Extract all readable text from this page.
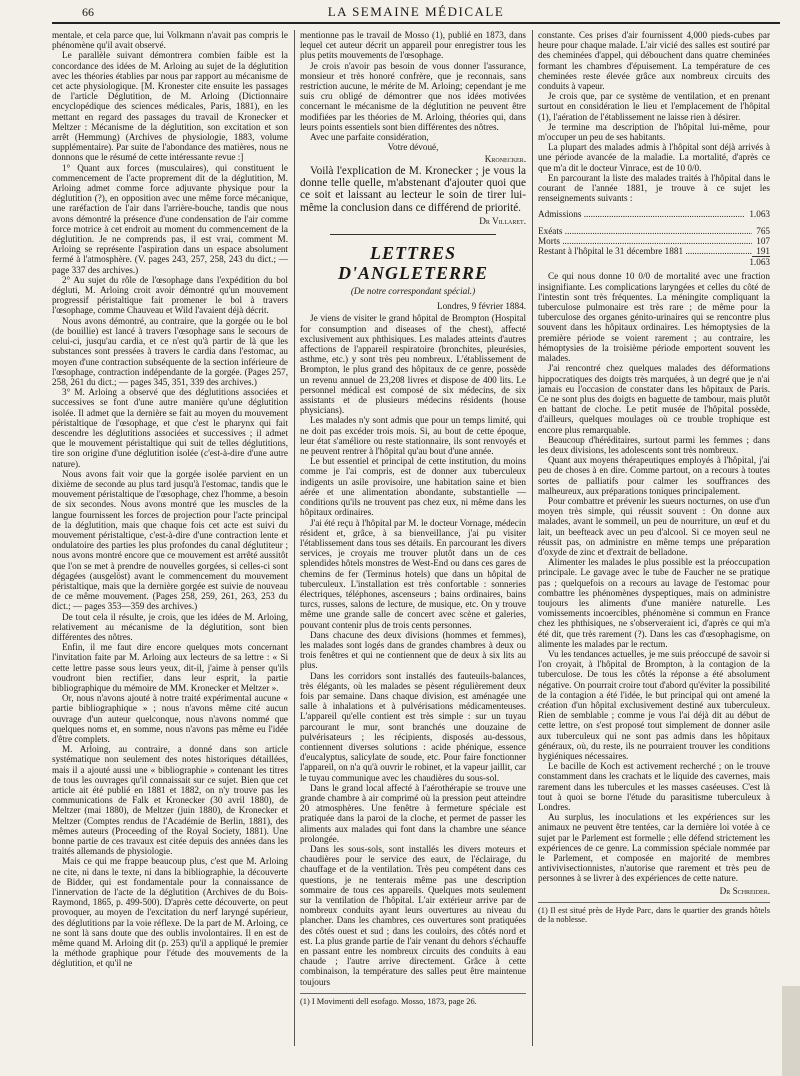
66	LA SEMAINE MÉDICALE

mentale, et cela parce que, lui Volkmann n'avait pas compris le phénomène qu'il avait observé.

Le parallèle suivant démontrera combien faible est la concordance des idées de M. Arloing au sujet de la déglutition avec les théories établies par nous par rapport au mécanisme de cet acte physiologique. [M. Kronester cite ensuite les passages de l'article Déglutition, de M. Arloing (Dictionnaire encyclopédique des sciences médicales, Paris, 1881), en les mettant en regard des passages du travail de Kronecker et Meltzer : Mécanisme de la déglutition, son excitation et son arrêt (Hemmung) (Archives de physiologie, 1883, volume supplémentaire). Par suite de l'abondance des matières, nous ne donnons que le résumé de cette intéressante revue :]

1° Quant aux forces (musculaires), qui constituent le commencement de l'acte proprement dit de la déglutition, M. Arloing admet comme force adjuvante physique pour la déglutition (?), en opposition avec une même force mécanique, une raréfaction de l'air dans l'arrière-bouche, tandis que nous avons démontré la présence d'une condensation de l'air comme force motrice à cet endroit au moment du commencement de la déglutition. Je ne comprends pas, il est vrai, comment M. Arloing se représente l'aspiration dans un espace absolument fermé à l'atmosphère. (V. pages 243, 257, 258, 243 du dict.; — page 337 des archives.)

2° Au sujet du rôle de l'œsophage dans l'expédition du bol dégluti, M. Arloing croit avoir démontré qu'un mouvement progressif péristaltique fait promener le bol à travers l'œsophage, comme Chauveau et Wild l'avaient déjà décrit.

Nous avons démontré, au contraire, que la gorgée ou le bol (de bouillie) est lancé à travers l'œsophage sans le secours de celui-ci, jusqu'au cardia, et ce n'est qu'à partir de là que les substances sont pressées à travers le cardia dans l'estomac, au moyen d'une contraction subséquente de la section inférieure de l'œsophage, contraction indépendante de la gorgée. (Pages 257, 258, 261 du dict.; — pages 345, 351, 339 des archives.)

3° M. Arloing a observé que des déglutitions associées et successives se font d'une autre manière qu'une déglutition isolée. Il admet que la dernière se fait au moyen du mouvement péristaltique de l'œsophage, et que c'est le pharynx qui fait descendre les déglutitions associées et successives ; il admet que le mouvement péristaltique qui suit de telles déglutitions, tire son origine d'une déglutition isolée (c'est-à-dire d'une autre nature).

Nous avons fait voir que la gorgée isolée parvient en un dixième de seconde au plus tard jusqu'à l'estomac, tandis que le mouvement péristaltique de l'œsophage, chez l'homme, a besoin de six secondes. Nous avons montré que les muscles de la langue fournissent les forces de projection pour l'acte principal de la déglutition, mais que chaque fois cet acte est suivi du mouvement péristaltique, c'est-à-dire d'une contraction lente et ondulatoire des parties les plus profondes du canal déglutiteur ; nous avons montré encore que ce mouvement est arrêté aussitôt que l'on se met à prendre de nouvelles gorgées, si celles-ci sont dégagées (ausgelöst) avant le commencement du mouvement péristaltique, mais que la dernière gorgée est suivie de nouveau de ce même mouvement. (Pages 258, 259, 261, 263, 253 du dict.; — pages 353—359 des archives.)

De tout cela il résulte, je crois, que les idées de M. Arloing, relativement au mécanisme de la déglutition, sont bien différentes des nôtres.

Enfin, il me faut dire encore quelques mots concernant l'invitation faite par M. Arloing aux lecteurs de sa lettre : « Si cette lettre passe sous leurs yeux, dit-il, j'aime à penser qu'ils voudront bien rectifier, dans leur esprit, la partie bibliographique du mémoire de MM. Kronecker et Meltzer ».

Or, nous n'avons ajouté à notre traité expérimental aucune « partie bibliographique » ; nous n'avons même cité aucun ouvrage d'un auteur quelconque, nous n'avons nommé que quelques noms et, en somme, nous n'avons pas même eu l'idée d'être complets.

M. Arloing, au contraire, a donné dans son article systématique non seulement des notes historiques détaillées, mais il a ajouté aussi une « bibliographie » contenant les titres de tous les ouvrages qu'il connaissait sur ce sujet. Bien que cet article ait été publié en 1881 et 1882, on n'y trouve pas les communications de Falk et Kronecker (30 avril 1880), de Meltzer (mai 1880), de Meltzer (juin 1880), de Kronecker et Meltzer (Comptes rendus de l'Académie de Berlin, 1881), des mêmes auteurs (Proceeding of the Royal Society, 1881). Une bonne partie de ces travaux est citée depuis des années dans les traités allemands de physiologie.

Mais ce qui me frappe beaucoup plus, c'est que M. Arloing ne cite, ni dans le texte, ni dans la bibliographie, la découverte de Bidder, qui est fondamentale pour la connaissance de l'innervation de l'acte de la déglutition (Archives de du Bois-Raymond, 1865, p. 499-500). D'après cette découverte, on peut provoquer, au moyen de l'excitation du nerf laryngé supérieur, des déglutitions par la voie réflexe. De la part de M. Arloing, ce ne sont là sans doute que des oublis involontaires. Il en est de même quand M. Arloing dit (p. 253) qu'il a appliqué le premier la méthode graphique pour l'étude des mouvements de la déglutition, et qu'il ne

mentionne pas le travail de Mosso (1), publié en 1873, dans lequel cet auteur décrit un appareil pour enregistrer tous les plus petits mouvements de l'œsophage.

Je crois n'avoir pas besoin de vous donner l'assurance, monsieur et très honoré confrère, que je reconnais, sans restriction aucune, le mérite de M. Arloing; cependant je me suis cru obligé de démontrer que nos idées motivées concernant le mécanisme de la déglutition ne peuvent être modifiées par les théories de M. Arloing, théories qui, dans leurs points essentiels sont bien différentes des nôtres.

Avec une parfaite considération,

Votre dévoué,

Kronecker.

Voilà l'explication de M. Kronecker ; je vous la donne telle quelle, m'abstenant d'ajouter quoi que ce soit et laissant au lecteur le soin de tirer lui-même la conclusion dans ce différend de priorité.

Dr Villaret.
LETTRES D'ANGLETERRE
(De notre correspondant spécial.)
Londres, 9 février 1884.

Je viens de visiter le grand hôpital de Brompton (Hospital for consumption and diseases of the chest), affecté exclusivement aux phthisiques. Les malades atteints d'autres affections de l'appareil respiratoire (bronchites, pleurésies, asthme, etc.) y sont très peu nombreux. L'établissement de Brompton, le plus grand des hôpitaux de ce genre, possède un revenu annuel de 23,208 livres et dispose de 400 lits. Le personnel médical est composé de six médecins, de six assistants et de plusieurs médecins résidents (house physicians).

Les malades n'y sont admis que pour un temps limité, qui ne doit pas excéder trois mois. Si, au bout de cette époque, leur état s'améliore ou reste stationnaire, ils sont renvoyés et ne peuvent rentrer à l'hôpital qu'au bout d'une année.

Le but essentiel et principal de cette institution, du moins comme je l'ai compris, est de donner aux tuberculeux indigents un asile provisoire, une habitation saine et bien aérée et une alimentation abondante, substantielle — conditions qu'ils ne trouvent pas chez eux, ni même dans les hôpitaux ordinaires.

J'ai été reçu à l'hôpital par M. le docteur Vornage, médecin résident et, grâce, à sa bienveillance, j'ai pu visiter l'établissement dans tous ses détails. En parcourant les divers services, je croyais me trouver plutôt dans un de ces splendides hôtels monstres de West-End ou dans ces gares de chemins de fer (Terminus hotels) que dans un hôpital de tuberculeux. L'installation est très confortable : sonneries électriques, téléphones, ascenseurs ; bains ordinaires, bains turcs, russes, salons de lecture, de musique, etc. On y trouve même une grande salle de concert avec scène et galeries, pouvant contenir plus de trois cents personnes.

Dans chacune des deux divisions (hommes et femmes), les malades sont logés dans de grandes chambres à deux ou trois fenêtres et qui ne contiennent que de deux à six lits au plus.

Dans les corridors sont installés des fauteuils-balances, très élégants, où les malades se pèsent régulièrement deux fois par semaine. Dans chaque division, est aménagée une salle à inhalations et à pulvérisations médicamenteuses. L'appareil qu'elle contient est très simple : sur un tuyau parcourant le mur, sont branchés une douzaine de pulvérisateurs ; les récipients, disposés au-dessous, contiennent diverses solutions : acide phénique, essence d'eucalyptus, salicylate de soude, etc. Pour faire fonctionner l'appareil, on n'a qu'à ouvrir le robinet, et la vapeur jaillit, car le tuyau communique avec les chaudières du sous-sol.

Dans le grand local affecté à l'aérothérapie se trouve une grande chambre à air comprimé où la pression peut atteindre 20 atmosphères. Une fenêtre à fermeture spéciale est pratiquée dans la paroi de la cloche, et permet de passer les aliments aux malades qui font dans la chambre une séance prolongée.

Dans les sous-sols, sont installés les divers moteurs et chaudières pour le service des eaux, de l'éclairage, du chauffage et de la ventilation. Très peu compétent dans ces questions, je ne tenterais même pas une description sommaire de tous ces appareils. Quelques mots seulement sur la ventilation de l'hôpital. L'air extérieur arrive par de nombreux conduits ayant leurs ouvertures au niveau du plancher. Dans les chambres, ces ouvertures sont pratiquées des côtés ouest et sud ; dans les couloirs, des côtés nord et est. La plus grande partie de l'air venant du dehors s'échauffe en passant entre les nombreux circuits des conduits à eau chaude ; l'autre arrive directement. Grâce à cette combinaison, la température des salles peut être maintenue toujours

(1) I Movimenti dell esofago. Mosso, 1873, page 26.

constante. Ces prises d'air fournissent 4,000 pieds-cubes par heure pour chaque malade. L'air vicié des salles est soutiré par des cheminées d'appel, qui débouchent dans quatre cheminées formant les chambres d'épuisement. La température de ces cheminées reste élevée grâce aux nombreux circuits des conduits à vapeur.

Je crois que, par ce système de ventilation, et en prenant surtout en considération le lieu et l'emplacement de l'hôpital (1), l'aération de l'établissement ne laisse rien à désirer.

Je termine ma description de l'hôpital lui-même, pour m'occuper un peu de ses habitants.

La plupart des malades admis à l'hôpital sont déjà arrivés à une période avancée de la maladie. La mortalité, d'après ce que m'a dit le docteur Vinrace, est de 10 0/0.

En parcourant la liste des malades traités à l'hôpital dans le courant de l'année 1881, je trouve à ce sujet les renseignements suivants :

Admissions .....	1.063
Exéats .....	765
Morts .....	107
Restant à l'hôpital le 31 décembre 1881 .....	191
1.063

Ce qui nous donne 10 0/0 de mortalité avec une fraction insignifiante. Les complications laryngées et celles du côté de l'intestin sont très fréquentes. La méningite compliquant la tuberculose pulmonaire est très rare ; de même pour la tuberculose des organes génito-urinaires qui se rencontre plus souvent dans les hôpitaux ordinaires. Les hémoptysies de la première période se voient rarement ; au contraire, les hémoptysies de la troisième période emportent souvent les malades.

J'ai rencontré chez quelques malades des déformations hippocratiques des doigts très marquées, à un degré que je n'ai jamais eu l'occasion de constater dans les hôpitaux de Paris. Ce ne sont plus des doigts en baguette de tambour, mais plutôt en battant de cloche. Le petit musée de l'hôpital possède, d'ailleurs, quelques moulages où ce trouble trophique est encore plus remarquable.

Beaucoup d'héréditaires, surtout parmi les femmes ; dans les deux divisions, les adolescents sont très nombreux.

Quant aux moyens thérapeutiques employés à l'hôpital, j'ai peu de choses à en dire. Comme partout, on a recours à toutes sortes de palliatifs pour calmer les souffrances des malheureux, aux préparations toniques principalement.

Pour combattre et prévenir les sueurs nocturnes, on use d'un moyen très simple, qui réussit souvent : On donne aux malades, avant le sommeil, un peu de nourriture, un œuf et du lait, un beefteack avec un peu d'alcool. Si ce moyen seul ne réussit pas, on administre en même temps une préparation d'oxyde de zinc et d'extrait de belladone.

Alimenter les malades le plus possible est la préoccupation principale. Le gavage avec le tube de Faucher ne se pratique pas ; quelquefois on a recours au lavage de l'estomac pour combattre les phénomènes dyspeptiques, mais on administre toujours les aliments d'une manière naturelle. Les vomissements incoercibles, phénomène si commun en France chez les phthisiques, ne s'observeraient ici, d'après ce qui m'a été dit, que très rarement (?). Dans les cas d'œsophagisme, on alimente les malades par le rectum.

Vu les tendances actuelles, je me suis préoccupé de savoir si l'on croyait, à l'hôpital de Brompton, à la contagion de la tuberculose. De tous les côtés la réponse a été absolument négative. On pourrait croire tout d'abord qu'éviter la possibilité de la contagion a été l'idée, le but principal qui ont amené la création d'un hôpital exclusivement destiné aux tuberculeux. Rien de semblable ; comme je vous l'ai déjà dit au début de cette lettre, on s'est proposé tout simplement de donner asile aux tuberculeux qui ne sont pas admis dans les hôpitaux généraux, où, du reste, ils ne pourraient trouver les conditions hygiéniques nécessaires.

Le bacille de Koch est activement recherché ; on le trouve constamment dans les crachats et le liquide des cavernes, mais rarement dans les tubercules et les masses caséeuses. C'est là tout à quoi se borne l'étude du parasitisme tuberculeux à Londres.

Au surplus, les inoculations et les expériences sur les animaux ne peuvent être tentées, car la dernière loi votée à ce sujet par le Parlement est formelle ; elle défend strictement les expériences de ce genre. La commission spéciale nommée par le Parlement, et composée en majorité de membres antivivisectionnistes, n'autorise que rarement et très peu de personnes à se livrer à des expériences de cette nature.

Dr Schreider.

(1) Il est situé près de Hyde Parc, dans le quartier des grands hôtels de la noblesse.
